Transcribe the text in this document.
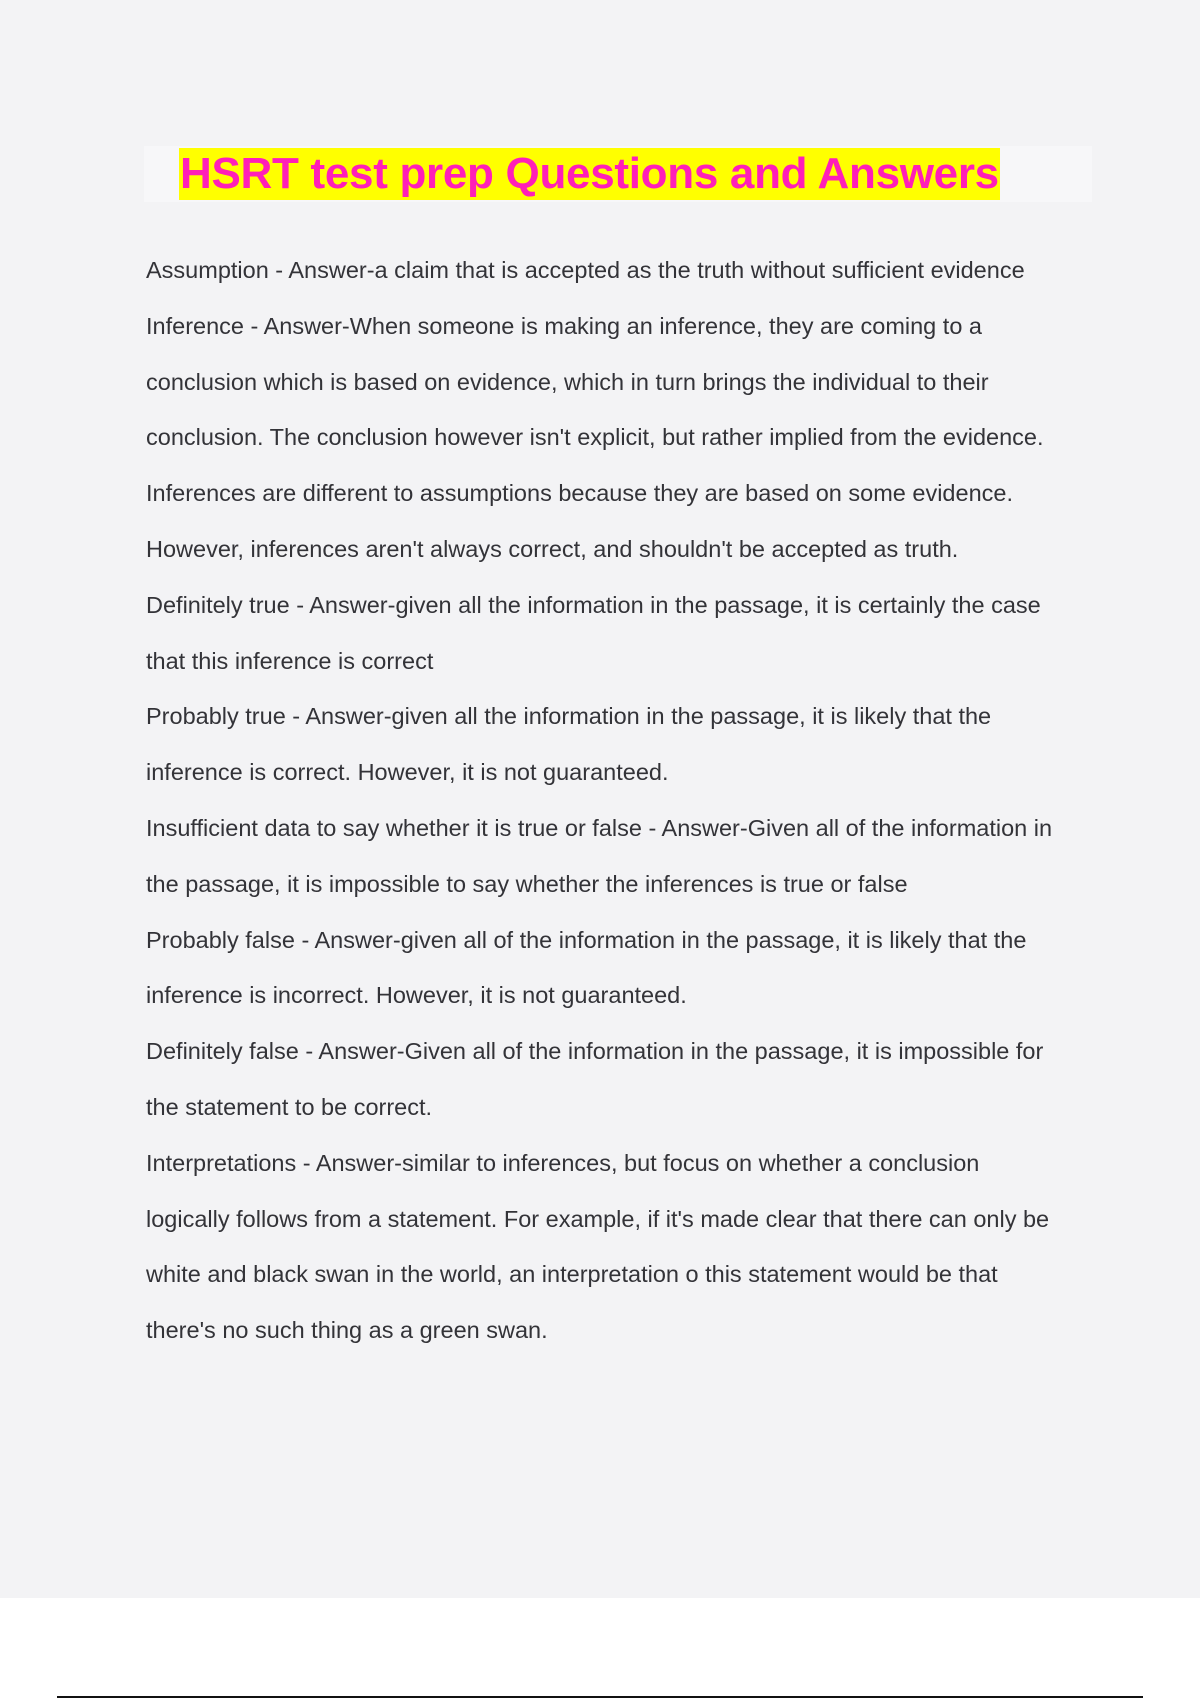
HSRT test prep Questions and Answers
Assumption - Answer-a claim that is accepted as the truth without sufficient evidence
Inference - Answer-When someone is making an inference, they are coming to a
conclusion which is based on evidence, which in turn brings the individual to their
conclusion. The conclusion however isn't explicit, but rather implied from the evidence.
Inferences are different to assumptions because they are based on some evidence.
However, inferences aren't always correct, and shouldn't be accepted as truth.
Definitely true - Answer-given all the information in the passage, it is certainly the case
that this inference is correct
Probably true - Answer-given all the information in the passage, it is likely that the
inference is correct. However, it is not guaranteed.
Insufficient data to say whether it is true or false - Answer-Given all of the information in
the passage, it is impossible to say whether the inferences is true or false
Probably false - Answer-given all of the information in the passage, it is likely that the
inference is incorrect. However, it is not guaranteed.
Definitely false - Answer-Given all of the information in the passage, it is impossible for
the statement to be correct.
Interpretations - Answer-similar to inferences, but focus on whether a conclusion
logically follows from a statement. For example, if it's made clear that there can only be
white and black swan in the world, an interpretation o this statement would be that
there's no such thing as a green swan.
